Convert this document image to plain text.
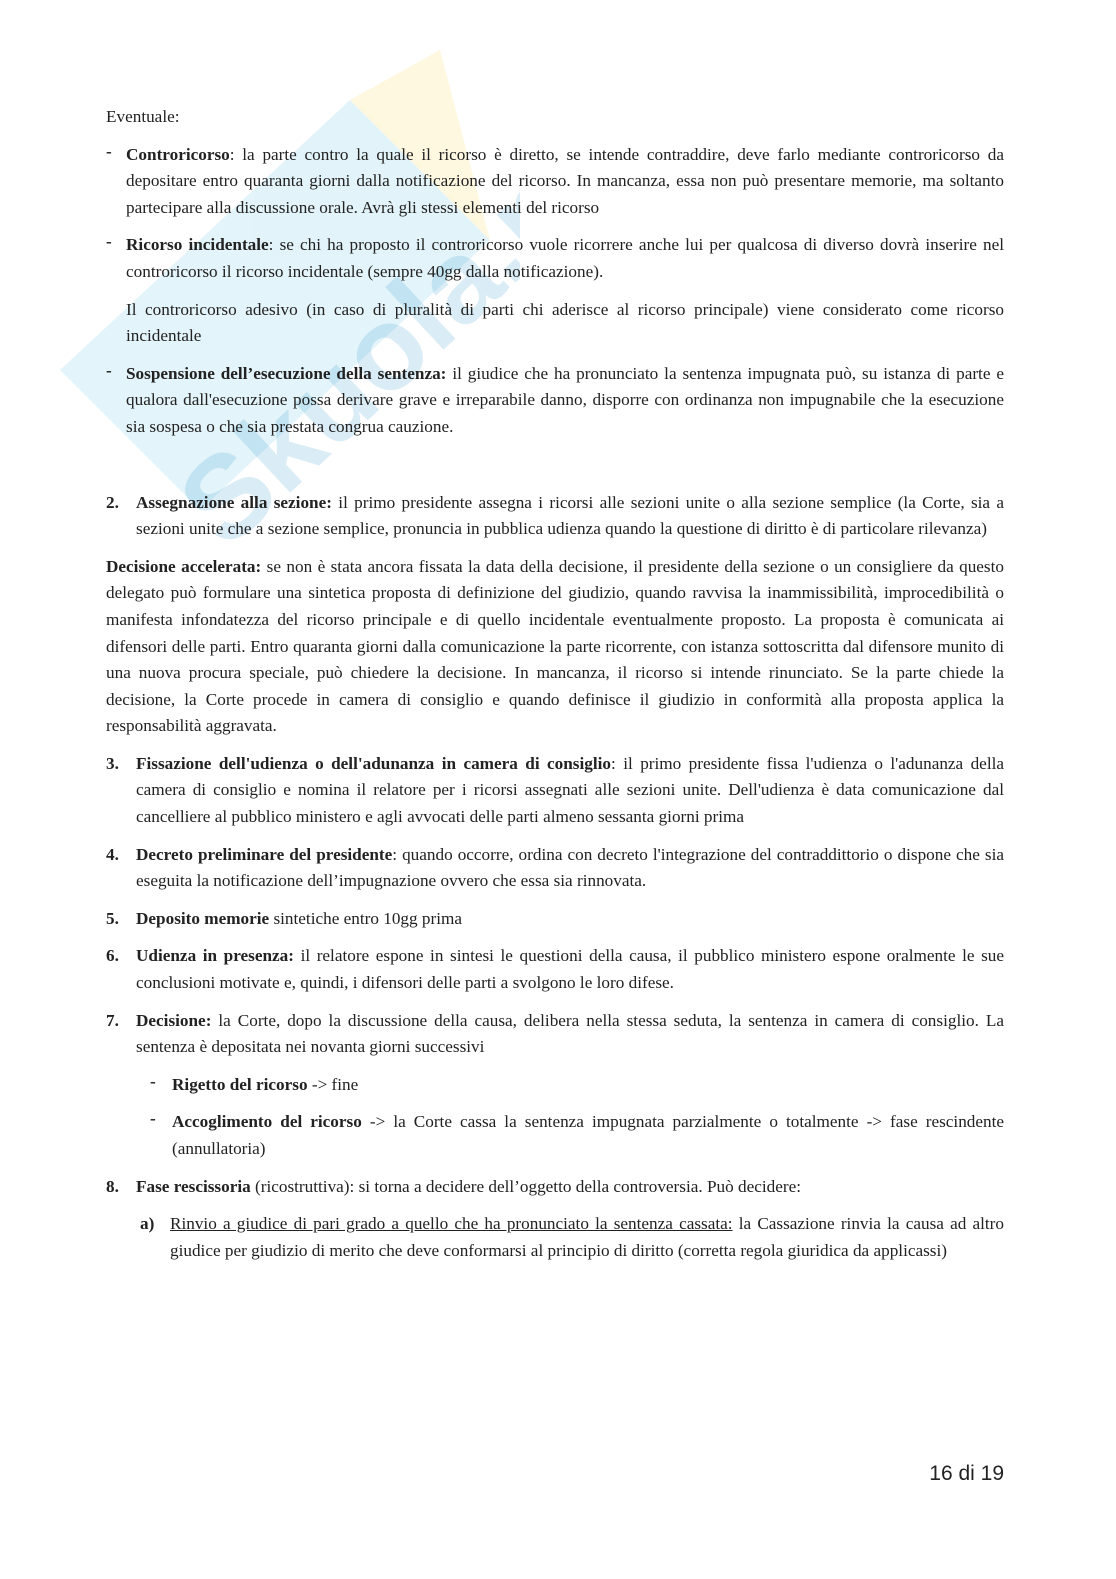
Skuola.net

Eventuale:

- Controricorso: la parte contro la quale il ricorso è diretto, se intende contraddire, deve farlo mediante controricorso da depositare entro quaranta giorni dalla notificazione del ricorso. In mancanza, essa non può presentare memorie, ma soltanto partecipare alla discussione orale. Avrà gli stessi elementi del ricorso

- Ricorso incidentale: se chi ha proposto il controricorso vuole ricorrere anche lui per qualcosa di diverso dovrà inserire nel controricorso il ricorso incidentale (sempre 40gg dalla notificazione).

Il controricorso adesivo (in caso di pluralità di parti chi aderisce al ricorso principale) viene considerato come ricorso incidentale

- Sospensione dell’esecuzione della sentenza: il giudice che ha pronunciato la sentenza impugnata può, su istanza di parte e qualora dall'esecuzione possa derivare grave e irreparabile danno, disporre con ordinanza non impugnabile che la esecuzione sia sospesa o che sia prestata congrua cauzione.

2. Assegnazione alla sezione: il primo presidente assegna i ricorsi alle sezioni unite o alla sezione semplice (la Corte, sia a sezioni unite che a sezione semplice, pronuncia in pubblica udienza quando la questione di diritto è di particolare rilevanza)

Decisione accelerata: se non è stata ancora fissata la data della decisione, il presidente della sezione o un consigliere da questo delegato può formulare una sintetica proposta di definizione del giudizio, quando ravvisa la inammissibilità, improcedibilità o manifesta infondatezza del ricorso principale e di quello incidentale eventualmente proposto. La proposta è comunicata ai difensori delle parti. Entro quaranta giorni dalla comunicazione la parte ricorrente, con istanza sottoscritta dal difensore munito di una nuova procura speciale, può chiedere la decisione. In mancanza, il ricorso si intende rinunciato. Se la parte chiede la decisione, la Corte procede in camera di consiglio e quando definisce il giudizio in conformità alla proposta applica la responsabilità aggravata.

3. Fissazione dell'udienza o dell'adunanza in camera di consiglio: il primo presidente fissa l'udienza o l'adunanza della camera di consiglio e nomina il relatore per i ricorsi assegnati alle sezioni unite. Dell'udienza è data comunicazione dal cancelliere al pubblico ministero e agli avvocati delle parti almeno sessanta giorni prima

4. Decreto preliminare del presidente: quando occorre, ordina con decreto l'integrazione del contraddittorio o dispone che sia eseguita la notificazione dell’impugnazione ovvero che essa sia rinnovata.

5. Deposito memorie sintetiche entro 10gg prima

6. Udienza in presenza: il relatore espone in sintesi le questioni della causa, il pubblico ministero espone oralmente le sue conclusioni motivate e, quindi, i difensori delle parti a svolgono le loro difese.

7. Decisione: la Corte, dopo la discussione della causa, delibera nella stessa seduta, la sentenza in camera di consiglio. La sentenza è depositata nei novanta giorni successivi

- Rigetto del ricorso -> fine

- Accoglimento del ricorso -> la Corte cassa la sentenza impugnata parzialmente o totalmente -> fase rescindente (annullatoria)

8. Fase rescissoria (ricostruttiva): si torna a decidere dell’oggetto della controversia. Può decidere:

a) Rinvio a giudice di pari grado a quello che ha pronunciato la sentenza cassata: la Cassazione rinvia la causa ad altro giudice per giudizio di merito che deve conformarsi al principio di diritto (corretta regola giuridica da applicassi)

16 di 19
